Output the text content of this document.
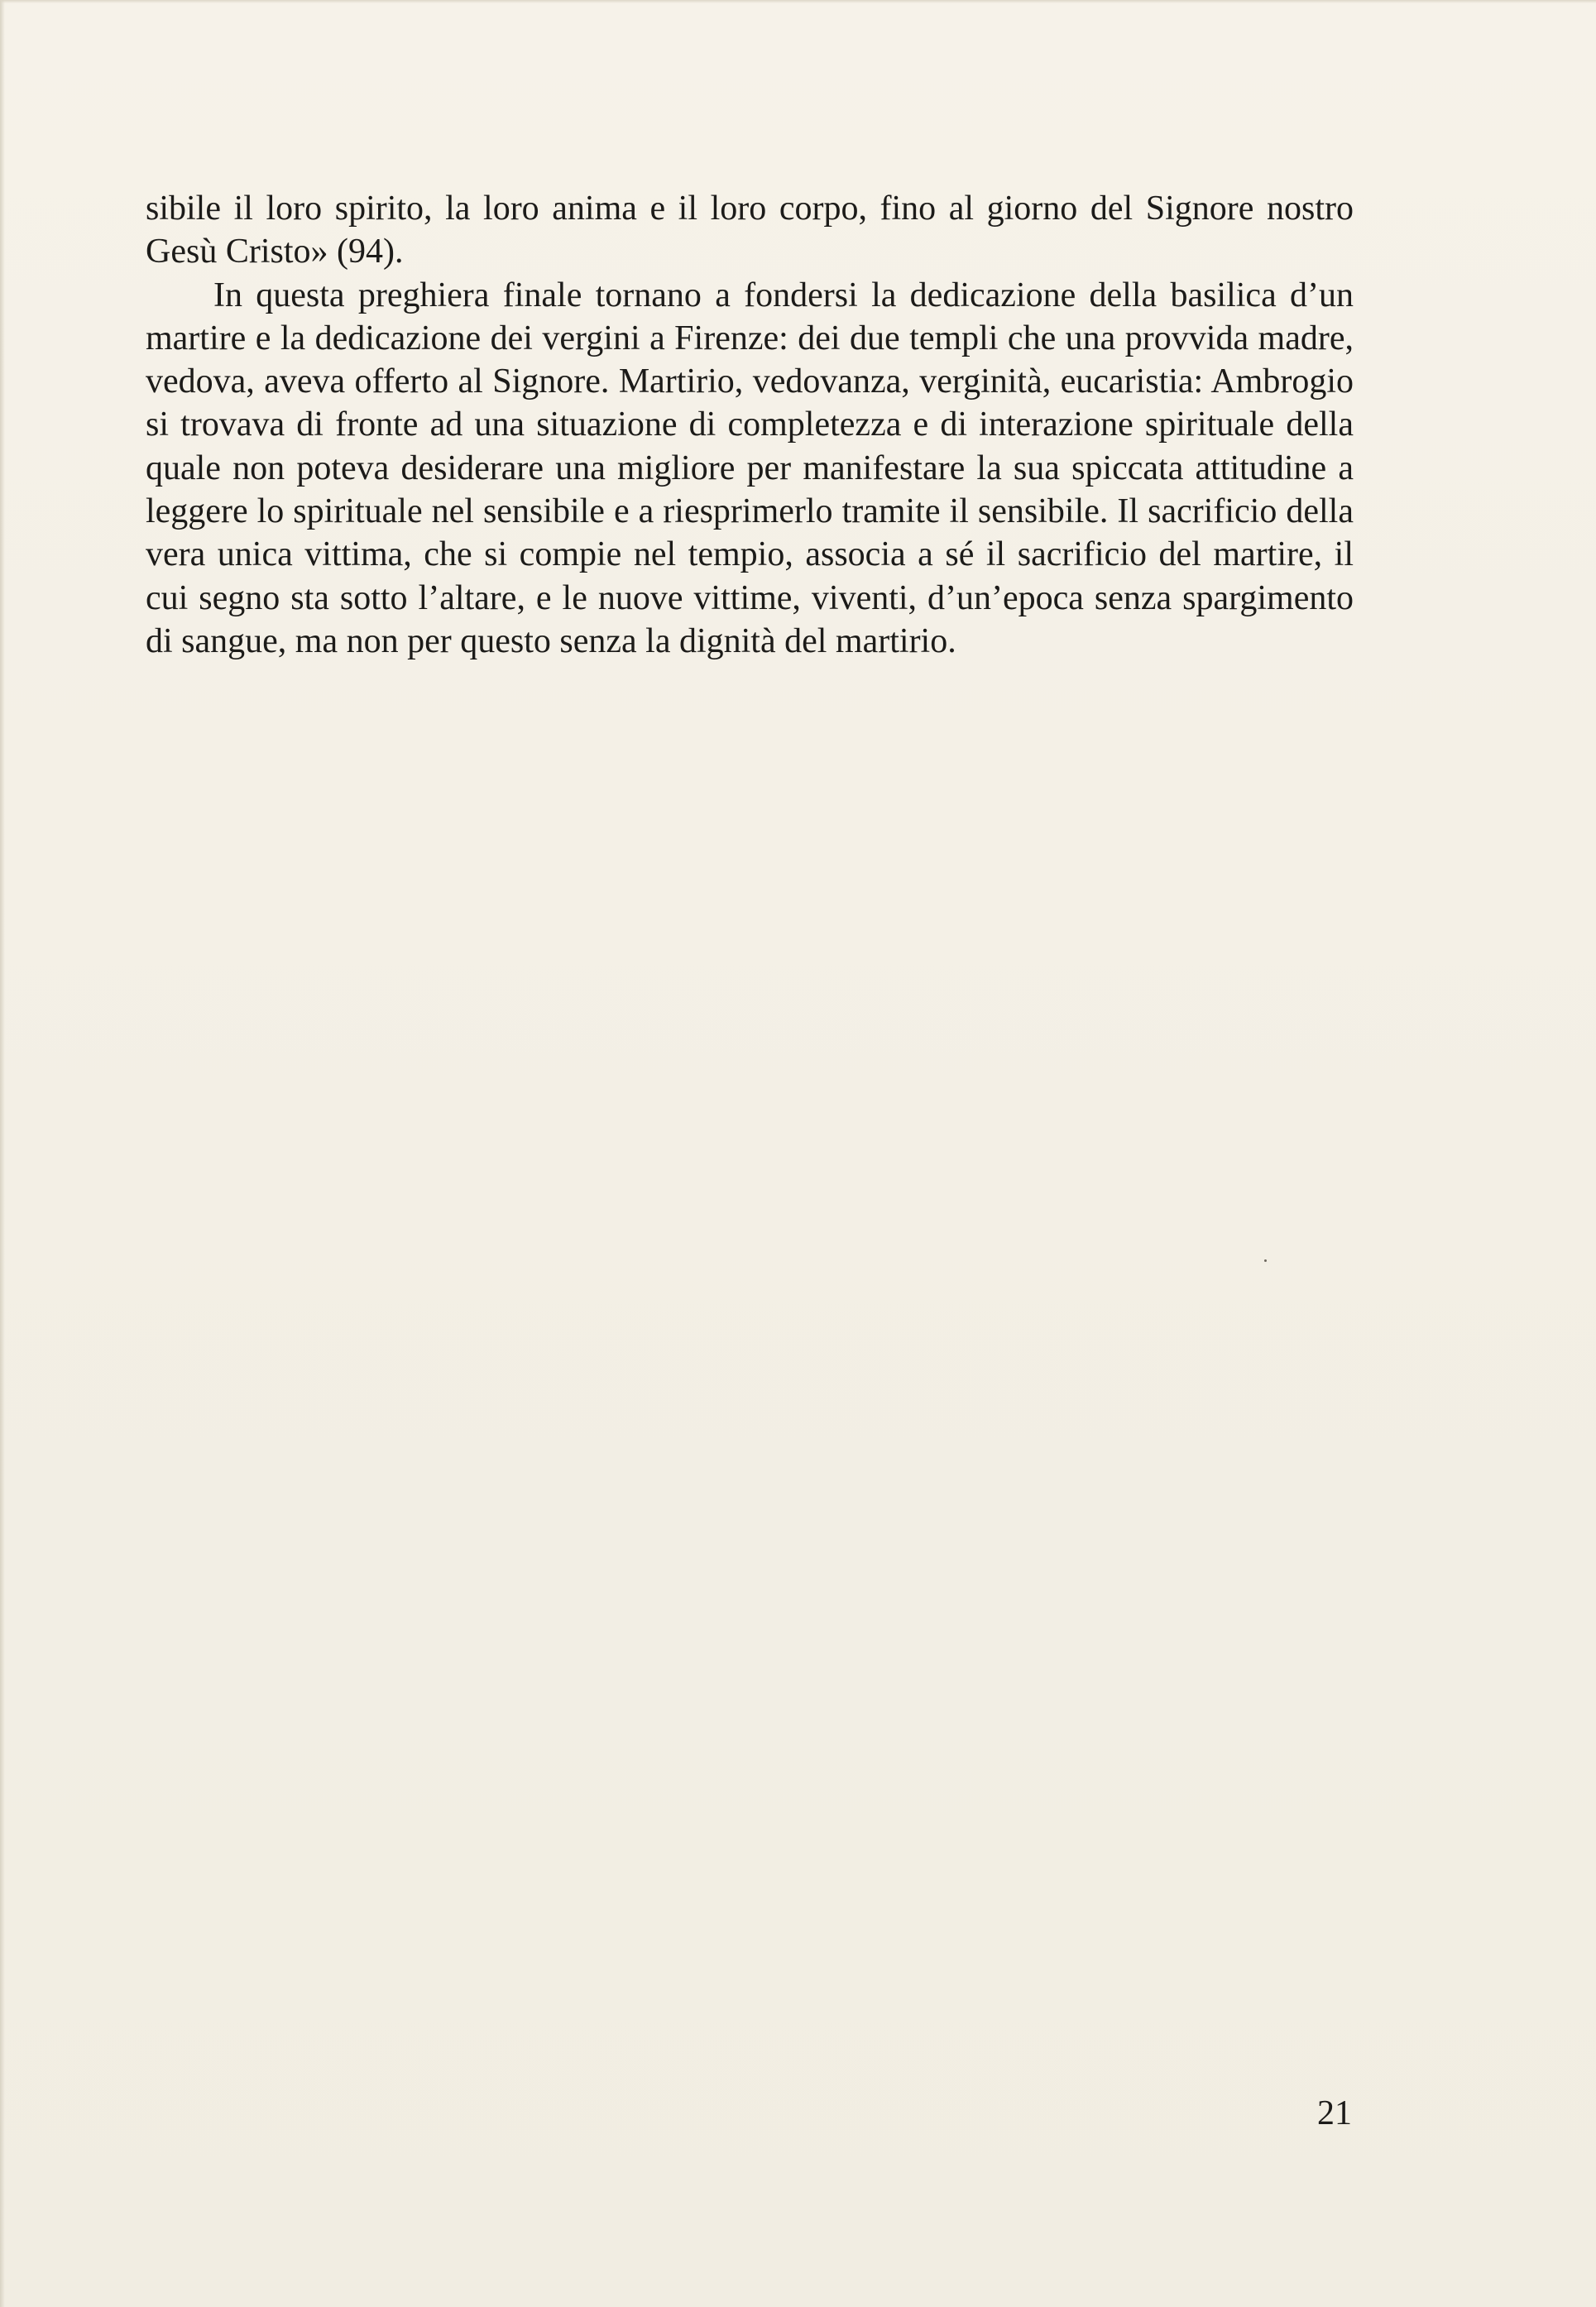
sibile il loro spirito, la loro anima e il loro corpo, fino al giorno del Signore nostro Gesù Cristo» (94).

In questa preghiera finale tornano a fondersi la dedicazione della basilica d’un martire e la dedicazione dei vergini a Firenze: dei due templi che una provvida madre, vedova, aveva offerto al Signore. Martirio, vedovanza, verginità, eucaristia: Ambrogio si trovava di fronte ad una situazione di completezza e di interazione spirituale della quale non poteva desiderare una migliore per manifestare la sua spiccata attitudine a leggere lo spirituale nel sensibile e a riesprimerlo tramite il sensibile. Il sacrificio della vera unica vittima, che si compie nel tempio, associa a sé il sacrificio del martire, il cui segno sta sotto l’altare, e le nuove vittime, viventi, d’un’epoca senza spargimento di sangue, ma non per questo senza la dignità del martirio.

21
